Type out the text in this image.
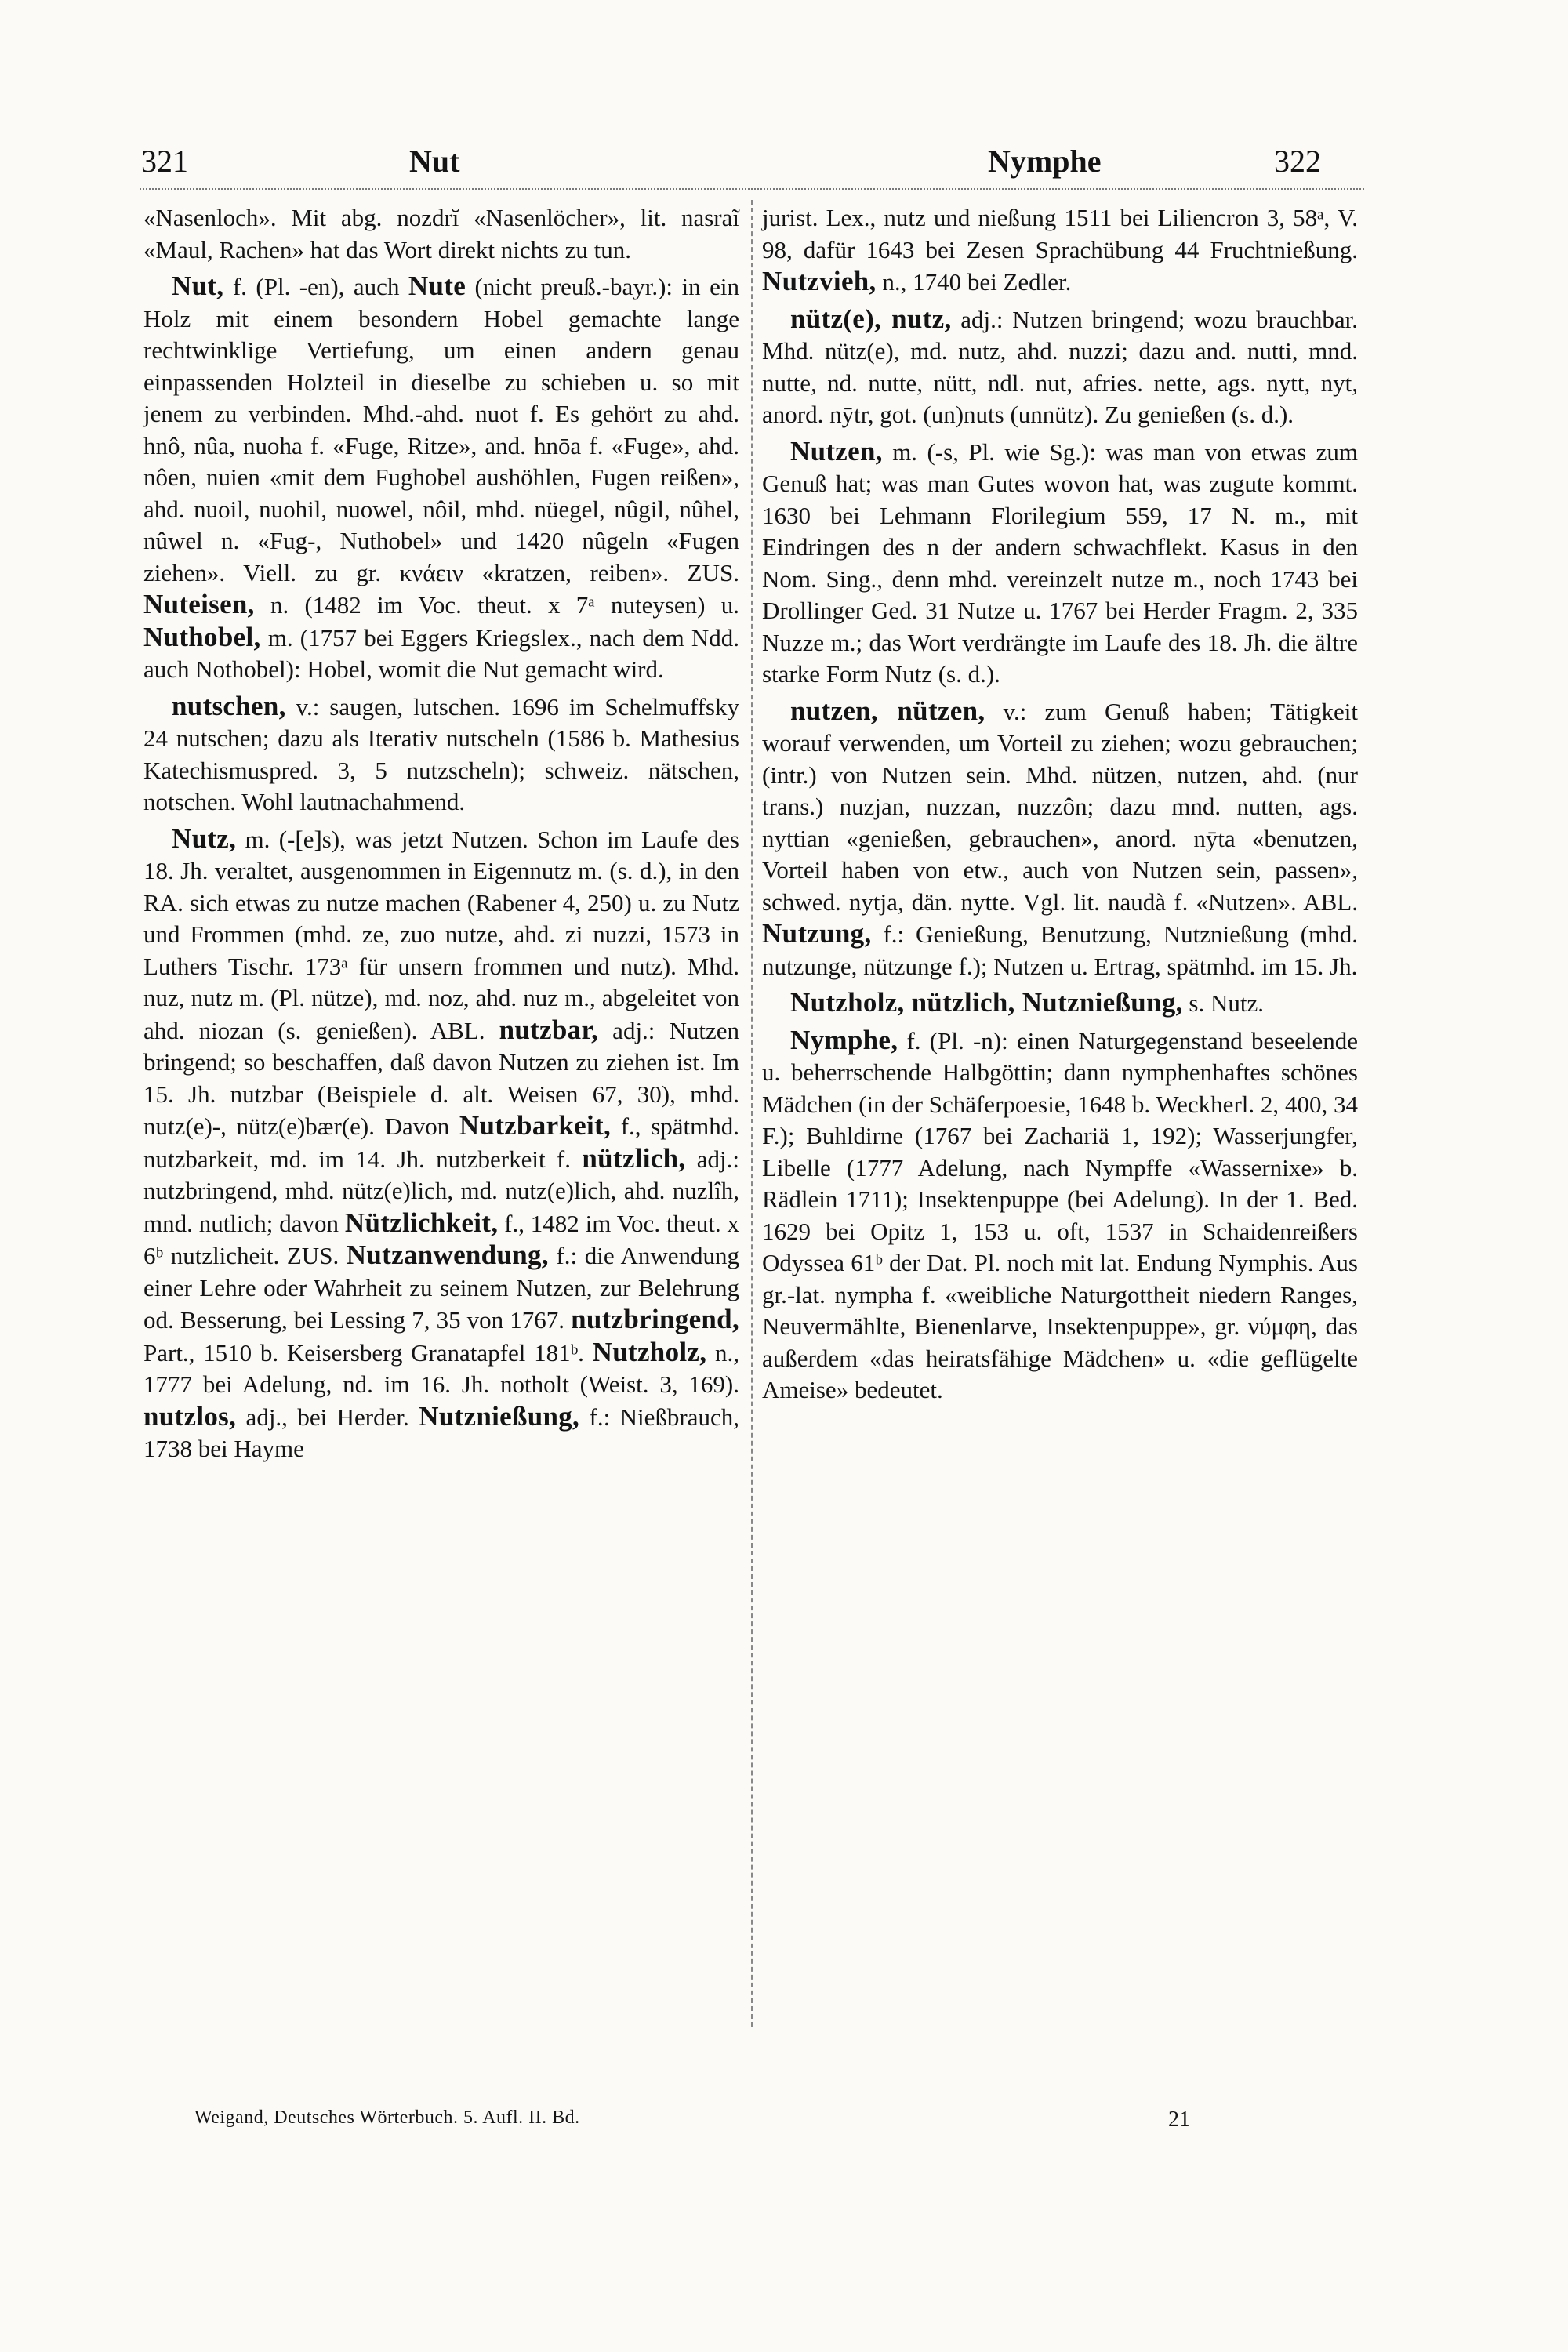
321	Nut	Nymphe	322

«Nasenloch». Mit abg. nozdrĭ «Nasenlöcher», lit. nasraĩ «Maul, Rachen» hat das Wort direkt nichts zu tun.

Nut, f. (Pl. -en), auch Nute (nicht preuß.-bayr.): in ein Holz mit einem besondern Hobel gemachte lange rechtwinklige Vertiefung, um einen andern genau einpassenden Holzteil in dieselbe zu schieben u. so mit jenem zu verbinden. Mhd.-ahd. nuot f. Es gehört zu ahd. hnô, nûa, nuoha f. «Fuge, Ritze», and. hnōa f. «Fuge», ahd. nôen, nuien «mit dem Fughobel aushöhlen, Fugen reißen», ahd. nuoil, nuohil, nuowel, nôil, mhd. nüegel, nûgil, nûhel, nûwel n. «Fug-, Nuthobel» und 1420 nûgeln «Fugen ziehen». Viell. zu gr. κνάειν «kratzen, reiben». ZUS. Nuteisen, n. (1482 im Voc. theut. x 7ᵃ nuteysen) u. Nuthobel, m. (1757 bei Eggers Kriegslex., nach dem Ndd. auch Nothobel): Hobel, womit die Nut gemacht wird.

nutschen, v.: saugen, lutschen. 1696 im Schelmuffsky 24 nutschen; dazu als Iterativ nutscheln (1586 b. Mathesius Katechismuspred. 3, 5 nutzscheln); schweiz. nätschen, notschen. Wohl lautnachahmend.

Nutz, m. (-[e]s), was jetzt Nutzen. Schon im Laufe des 18. Jh. veraltet, ausgenommen in Eigennutz m. (s. d.), in den RA. sich etwas zu nutze machen (Rabener 4, 250) u. zu Nutz und Frommen (mhd. ze, zuo nutze, ahd. zi nuzzi, 1573 in Luthers Tischr. 173ᵃ für unsern frommen und nutz). Mhd. nuz, nutz m. (Pl. nütze), md. noz, ahd. nuz m., abgeleitet von ahd. niozan (s. genießen). ABL. nutzbar, adj.: Nutzen bringend; so beschaffen, daß davon Nutzen zu ziehen ist. Im 15. Jh. nutzbar (Beispiele d. alt. Weisen 67, 30), mhd. nutz(e)-, nütz(e)bær(e). Davon Nutzbarkeit, f., spätmhd. nutzbarkeit, md. im 14. Jh. nutzberkeit f. nützlich, adj.: nutzbringend, mhd. nütz(e)lich, md. nutz(e)lich, ahd. nuzlîh, mnd. nutlich; davon Nützlichkeit, f., 1482 im Voc. theut. x 6ᵇ nutzlicheit. ZUS. Nutzanwendung, f.: die Anwendung einer Lehre oder Wahrheit zu seinem Nutzen, zur Belehrung od. Besserung, bei Lessing 7, 35 von 1767. nutzbringend, Part., 1510 b. Keisersberg Granatapfel 181ᵇ. Nutzholz, n., 1777 bei Adelung, nd. im 16. Jh. notholt (Weist. 3, 169). nutzlos, adj., bei Herder. Nutznießung, f.: Nießbrauch, 1738 bei Hayme

jurist. Lex., nutz und nießung 1511 bei Liliencron 3, 58ᵃ, V. 98, dafür 1643 bei Zesen Sprachübung 44 Fruchtnießung. Nutzvieh, n., 1740 bei Zedler.

nütz(e), nutz, adj.: Nutzen bringend; wozu brauchbar. Mhd. nütz(e), md. nutz, ahd. nuzzi; dazu and. nutti, mnd. nutte, nd. nutte, nütt, ndl. nut, afries. nette, ags. nytt, nyt, anord. nȳtr, got. (un)nuts (unnütz). Zu genießen (s. d.).

Nutzen, m. (-s, Pl. wie Sg.): was man von etwas zum Genuß hat; was man Gutes wovon hat, was zugute kommt. 1630 bei Lehmann Florilegium 559, 17 N. m., mit Eindringen des n der andern schwachflekt. Kasus in den Nom. Sing., denn mhd. vereinzelt nutze m., noch 1743 bei Drollinger Ged. 31 Nutze u. 1767 bei Herder Fragm. 2, 335 Nuzze m.; das Wort verdrängte im Laufe des 18. Jh. die ältre starke Form Nutz (s. d.).

nutzen, nützen, v.: zum Genuß haben; Tätigkeit worauf verwenden, um Vorteil zu ziehen; wozu gebrauchen; (intr.) von Nutzen sein. Mhd. nützen, nutzen, ahd. (nur trans.) nuzjan, nuzzan, nuzzôn; dazu mnd. nutten, ags. nyttian «genießen, gebrauchen», anord. nȳta «benutzen, Vorteil haben von etw., auch von Nutzen sein, passen», schwed. nytja, dän. nytte. Vgl. lit. naudà f. «Nutzen». ABL. Nutzung, f.: Genießung, Benutzung, Nutznießung (mhd. nutzunge, nützunge f.); Nutzen u. Ertrag, spätmhd. im 15. Jh.

Nutzholz, nützlich, Nutznießung, s. Nutz.

Nymphe, f. (Pl. -n): einen Naturgegenstand beseelende u. beherrschende Halbgöttin; dann nymphenhaftes schönes Mädchen (in der Schäferpoesie, 1648 b. Weckherl. 2, 400, 34 F.); Buhldirne (1767 bei Zachariä 1, 192); Wasserjungfer, Libelle (1777 Adelung, nach Nympffe «Wassernixe» b. Rädlein 1711); Insektenpuppe (bei Adelung). In der 1. Bed. 1629 bei Opitz 1, 153 u. oft, 1537 in Schaidenreißers Odyssea 61ᵇ der Dat. Pl. noch mit lat. Endung Nymphis. Aus gr.-lat. nympha f. «weibliche Naturgottheit niedern Ranges, Neuvermählte, Bienenlarve, Insektenpuppe», gr. νύμφη, das außerdem «das heiratsfähige Mädchen» u. «die geflügelte Ameise» bedeutet.

Weigand, Deutsches Wörterbuch. 5. Aufl. II. Bd.	21
